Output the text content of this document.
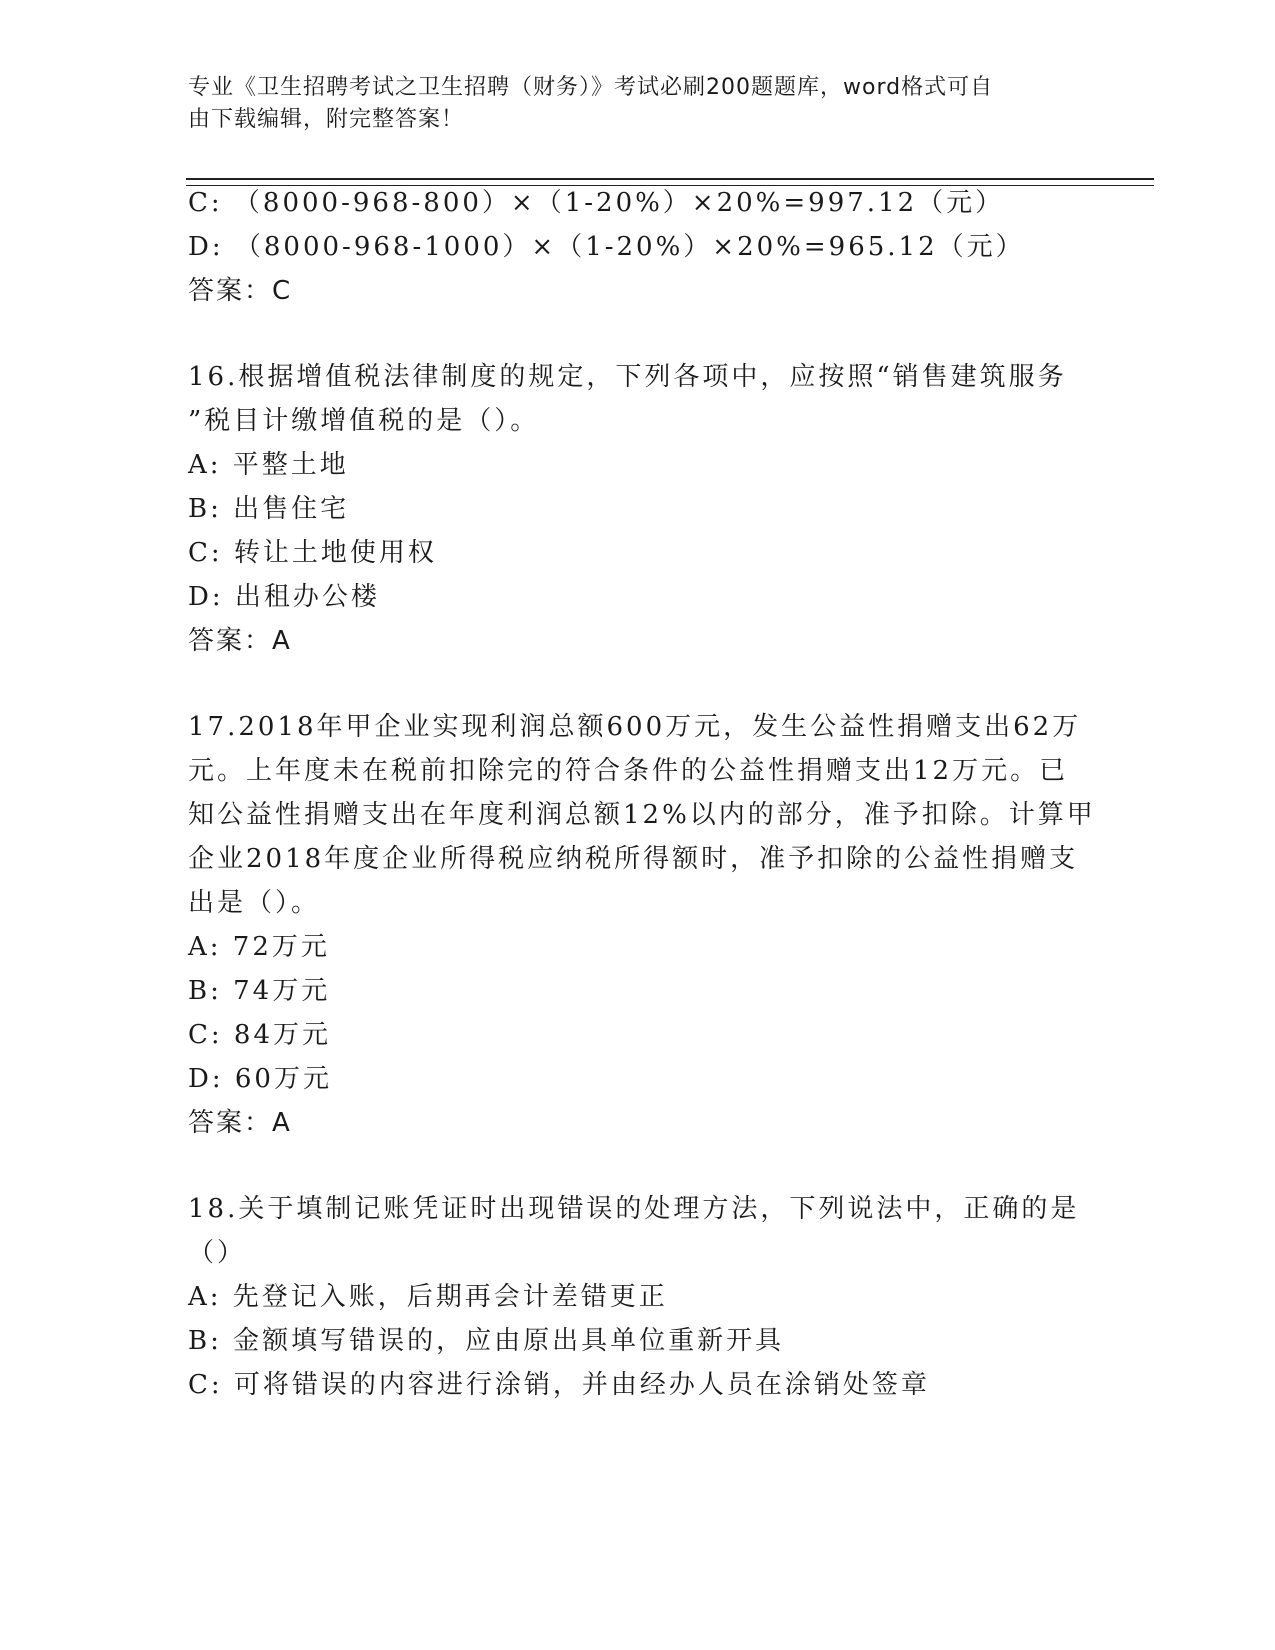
专业《卫生招聘考试之卫生招聘（财务）》考试必刷200题题库，word格式可自
由下载编辑，附完整答案！
C: （8000-968-800）×（1-20%）×20%=997.12（元）
D: （8000-968-1000）×（1-20%）×20%=965.12（元）
答案：C
16.根据增值税法律制度的规定，下列各项中，应按照“销售建筑服务
”税目计缴增值税的是（）。
A: 平整土地
B: 出售住宅
C: 转让土地使用权
D: 出租办公楼
答案：A
17.2018年甲企业实现利润总额600万元，发生公益性捐赠支出62万
元。上年度未在税前扣除完的符合条件的公益性捐赠支出12万元。已
知公益性捐赠支出在年度利润总额12%以内的部分，准予扣除。计算甲
企业2018年度企业所得税应纳税所得额时，准予扣除的公益性捐赠支
出是（）。
A: 72万元
B: 74万元
C: 84万元
D: 60万元
答案：A
18.关于填制记账凭证时出现错误的处理方法，下列说法中，正确的是
（）
A: 先登记入账，后期再会计差错更正
B: 金额填写错误的，应由原出具单位重新开具
C: 可将错误的内容进行涂销，并由经办人员在涂销处签章
